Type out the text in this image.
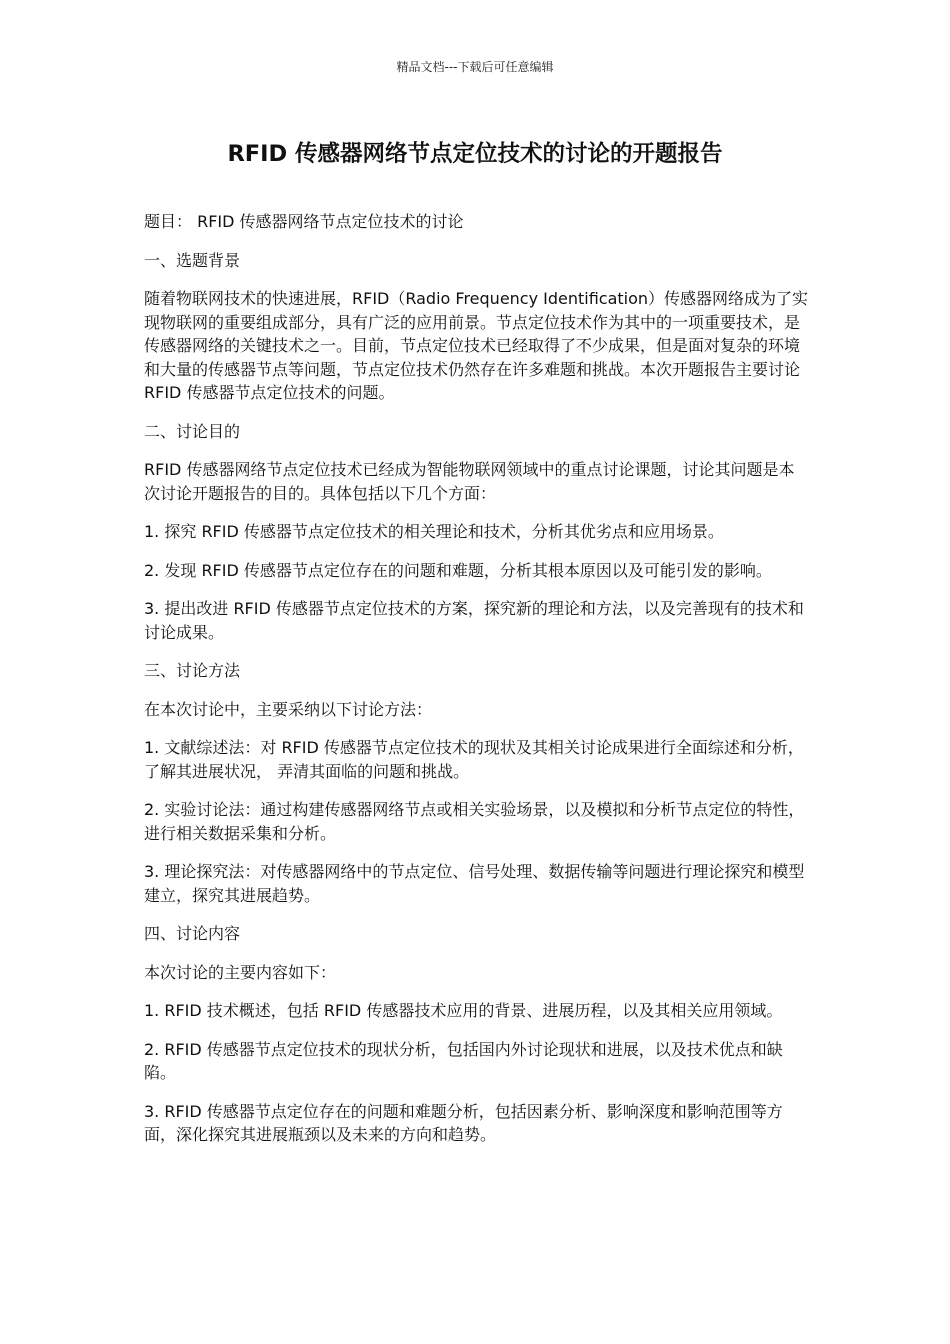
精品文档---下载后可任意编辑
RFID 传感器网络节点定位技术的讨论的开题报告

题目： RFID 传感器网络节点定位技术的讨论

一、选题背景

随着物联网技术的快速进展，RFID（Radio Frequency Identification）传感器网络成为了实现物联网的重要组成部分，具有广泛的应用前景。节点定位技术作为其中的一项重要技术，是传感器网络的关键技术之一。目前，节点定位技术已经取得了不少成果，但是面对复杂的环境和大量的传感器节点等问题，节点定位技术仍然存在许多难题和挑战。本次开题报告主要讨论 RFID 传感器节点定位技术的问题。

二、讨论目的

RFID 传感器网络节点定位技术已经成为智能物联网领域中的重点讨论课题，讨论其问题是本次讨论开题报告的目的。具体包括以下几个方面：

1. 探究 RFID 传感器节点定位技术的相关理论和技术，分析其优劣点和应用场景。

2. 发现 RFID 传感器节点定位存在的问题和难题，分析其根本原因以及可能引发的影响。

3. 提出改进 RFID 传感器节点定位技术的方案，探究新的理论和方法，以及完善现有的技术和讨论成果。

三、讨论方法

在本次讨论中，主要采纳以下讨论方法：

1. 文献综述法：对 RFID 传感器节点定位技术的现状及其相关讨论成果进行全面综述和分析，了解其进展状况， 弄清其面临的问题和挑战。

2. 实验讨论法：通过构建传感器网络节点或相关实验场景，以及模拟和分析节点定位的特性，进行相关数据采集和分析。

3. 理论探究法：对传感器网络中的节点定位、信号处理、数据传输等问题进行理论探究和模型建立，探究其进展趋势。

四、讨论内容

本次讨论的主要内容如下：

1. RFID 技术概述，包括 RFID 传感器技术应用的背景、进展历程，以及其相关应用领域。

2. RFID 传感器节点定位技术的现状分析，包括国内外讨论现状和进展，以及技术优点和缺陷。

3. RFID 传感器节点定位存在的问题和难题分析，包括因素分析、影响深度和影响范围等方面，深化探究其进展瓶颈以及未来的方向和趋势。
